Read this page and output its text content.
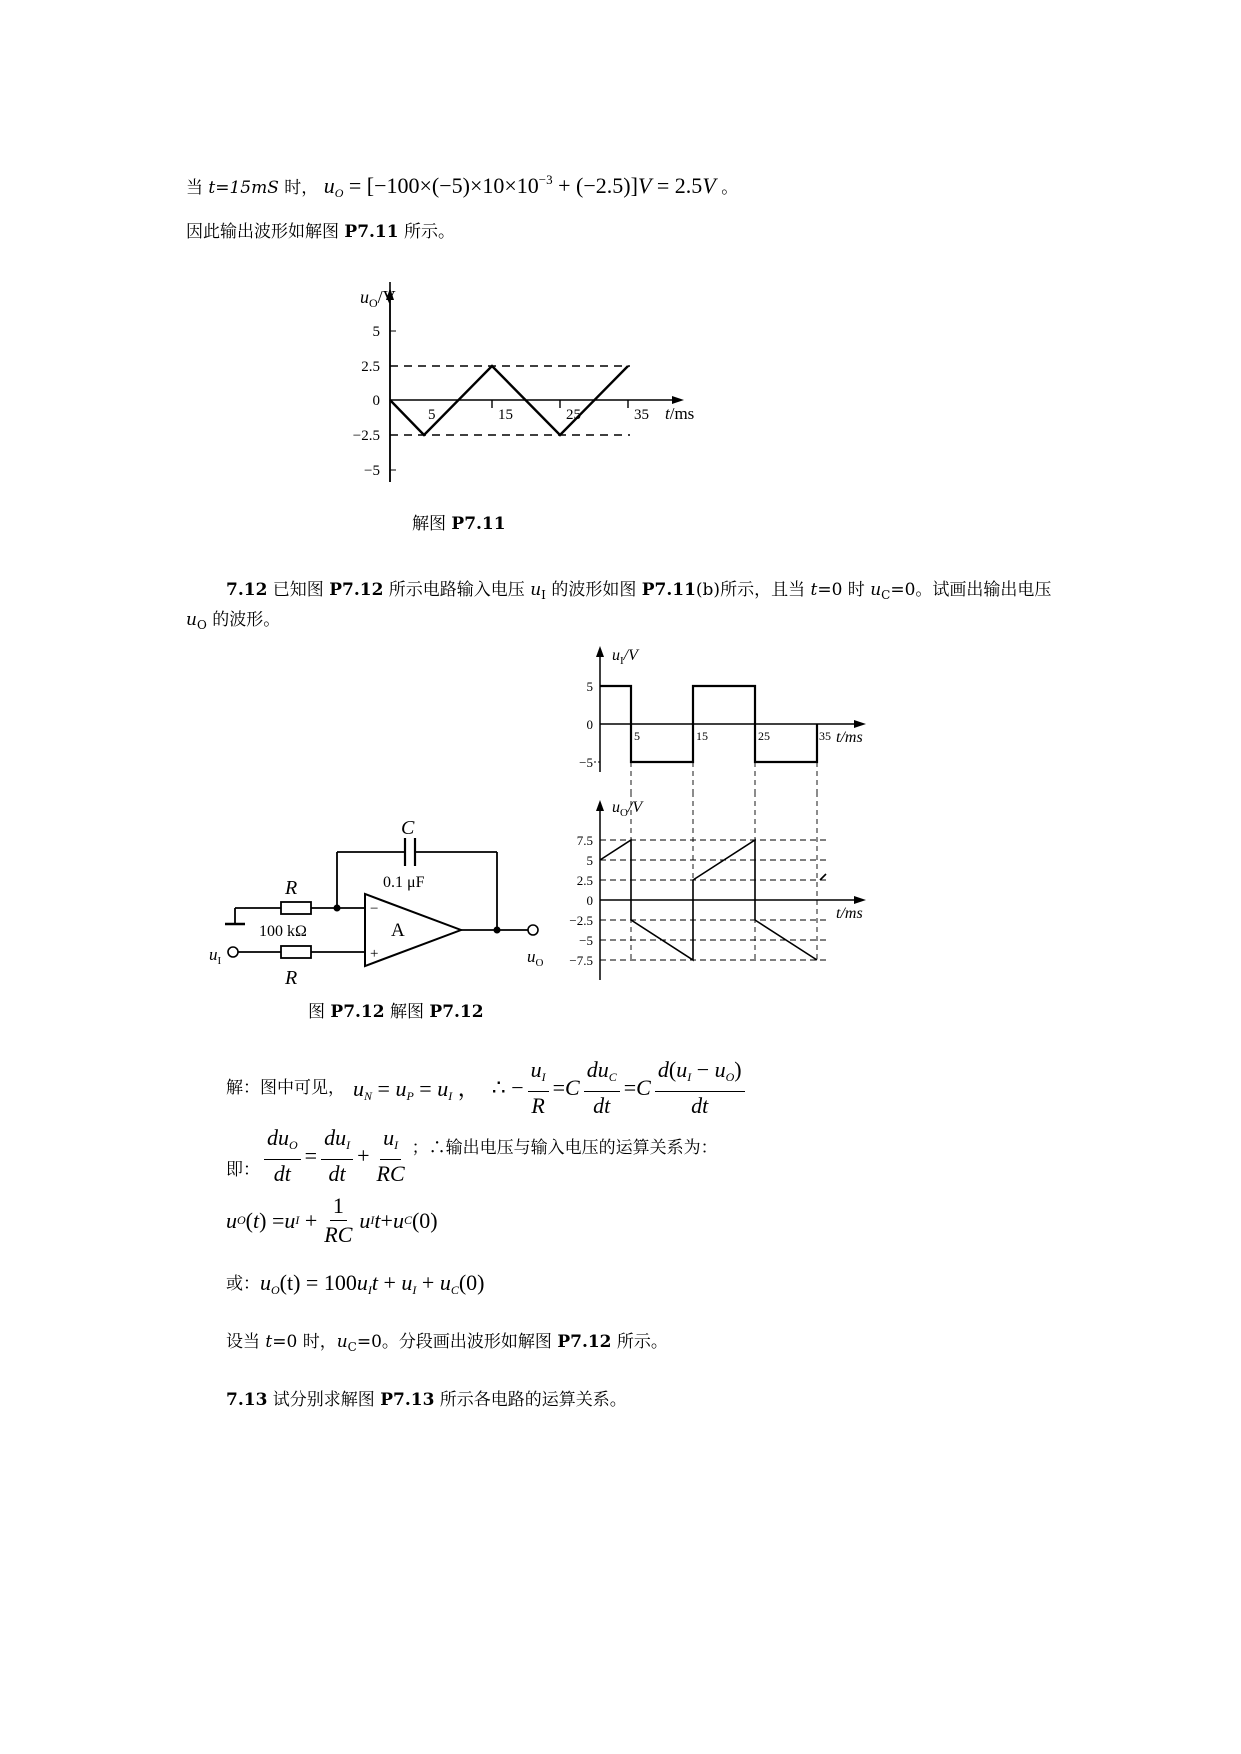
当 t=15mS 时， $u_O = [-100\times(-5)\times 10\times 10^{-3} + (-2.5)]V = 2.5V$ 。
因此输出波形如解图 P7.11 所示。
$u_O/V$
5
2.5
0
−2.5
−5
5	15	25	35 t/ms
解图 P7.11
7.12 已知图 P7.12 所示电路输入电压 $u_I$ 的波形如图 P7.11(b)所示，且当 t=0 时 $u_C=0$。试画出输出电压
$u_O$ 的波形。
C
0.1 μF
R
100 kΩ
$u_I$
R
A
−
+	$u_O$
$u_I/V$
5
0
−5
5	15	25	35 t/ms
$u_O/V$
7.5
5
2.5
0
−2.5
−5
−7.5
t/ms
图 P7.12 解图 P7.12
解：图中可见， $u_N = u_P = u_I$ ， ∴ − $\frac{u_I}{R} = C \frac{du_C}{dt} = C \frac{d(u_I - u_O)}{dt}$
即： $\frac{du_O}{dt} = \frac{du_I}{dt} + \frac{u_I}{RC}$ ；∴输出电压与输入电压的运算关系为：
u O ( t ) = u $I + \frac{1}{RC}$ u I t + u C (0)
或： $u_O(t) = 100u_It + u_I + u_C(0)$
设当 t=0 时，$u_C=0$。分段画出波形如解图 P7.12 所示。
7.13 试分别求解图 P7.13 所示各电路的运算关系。
